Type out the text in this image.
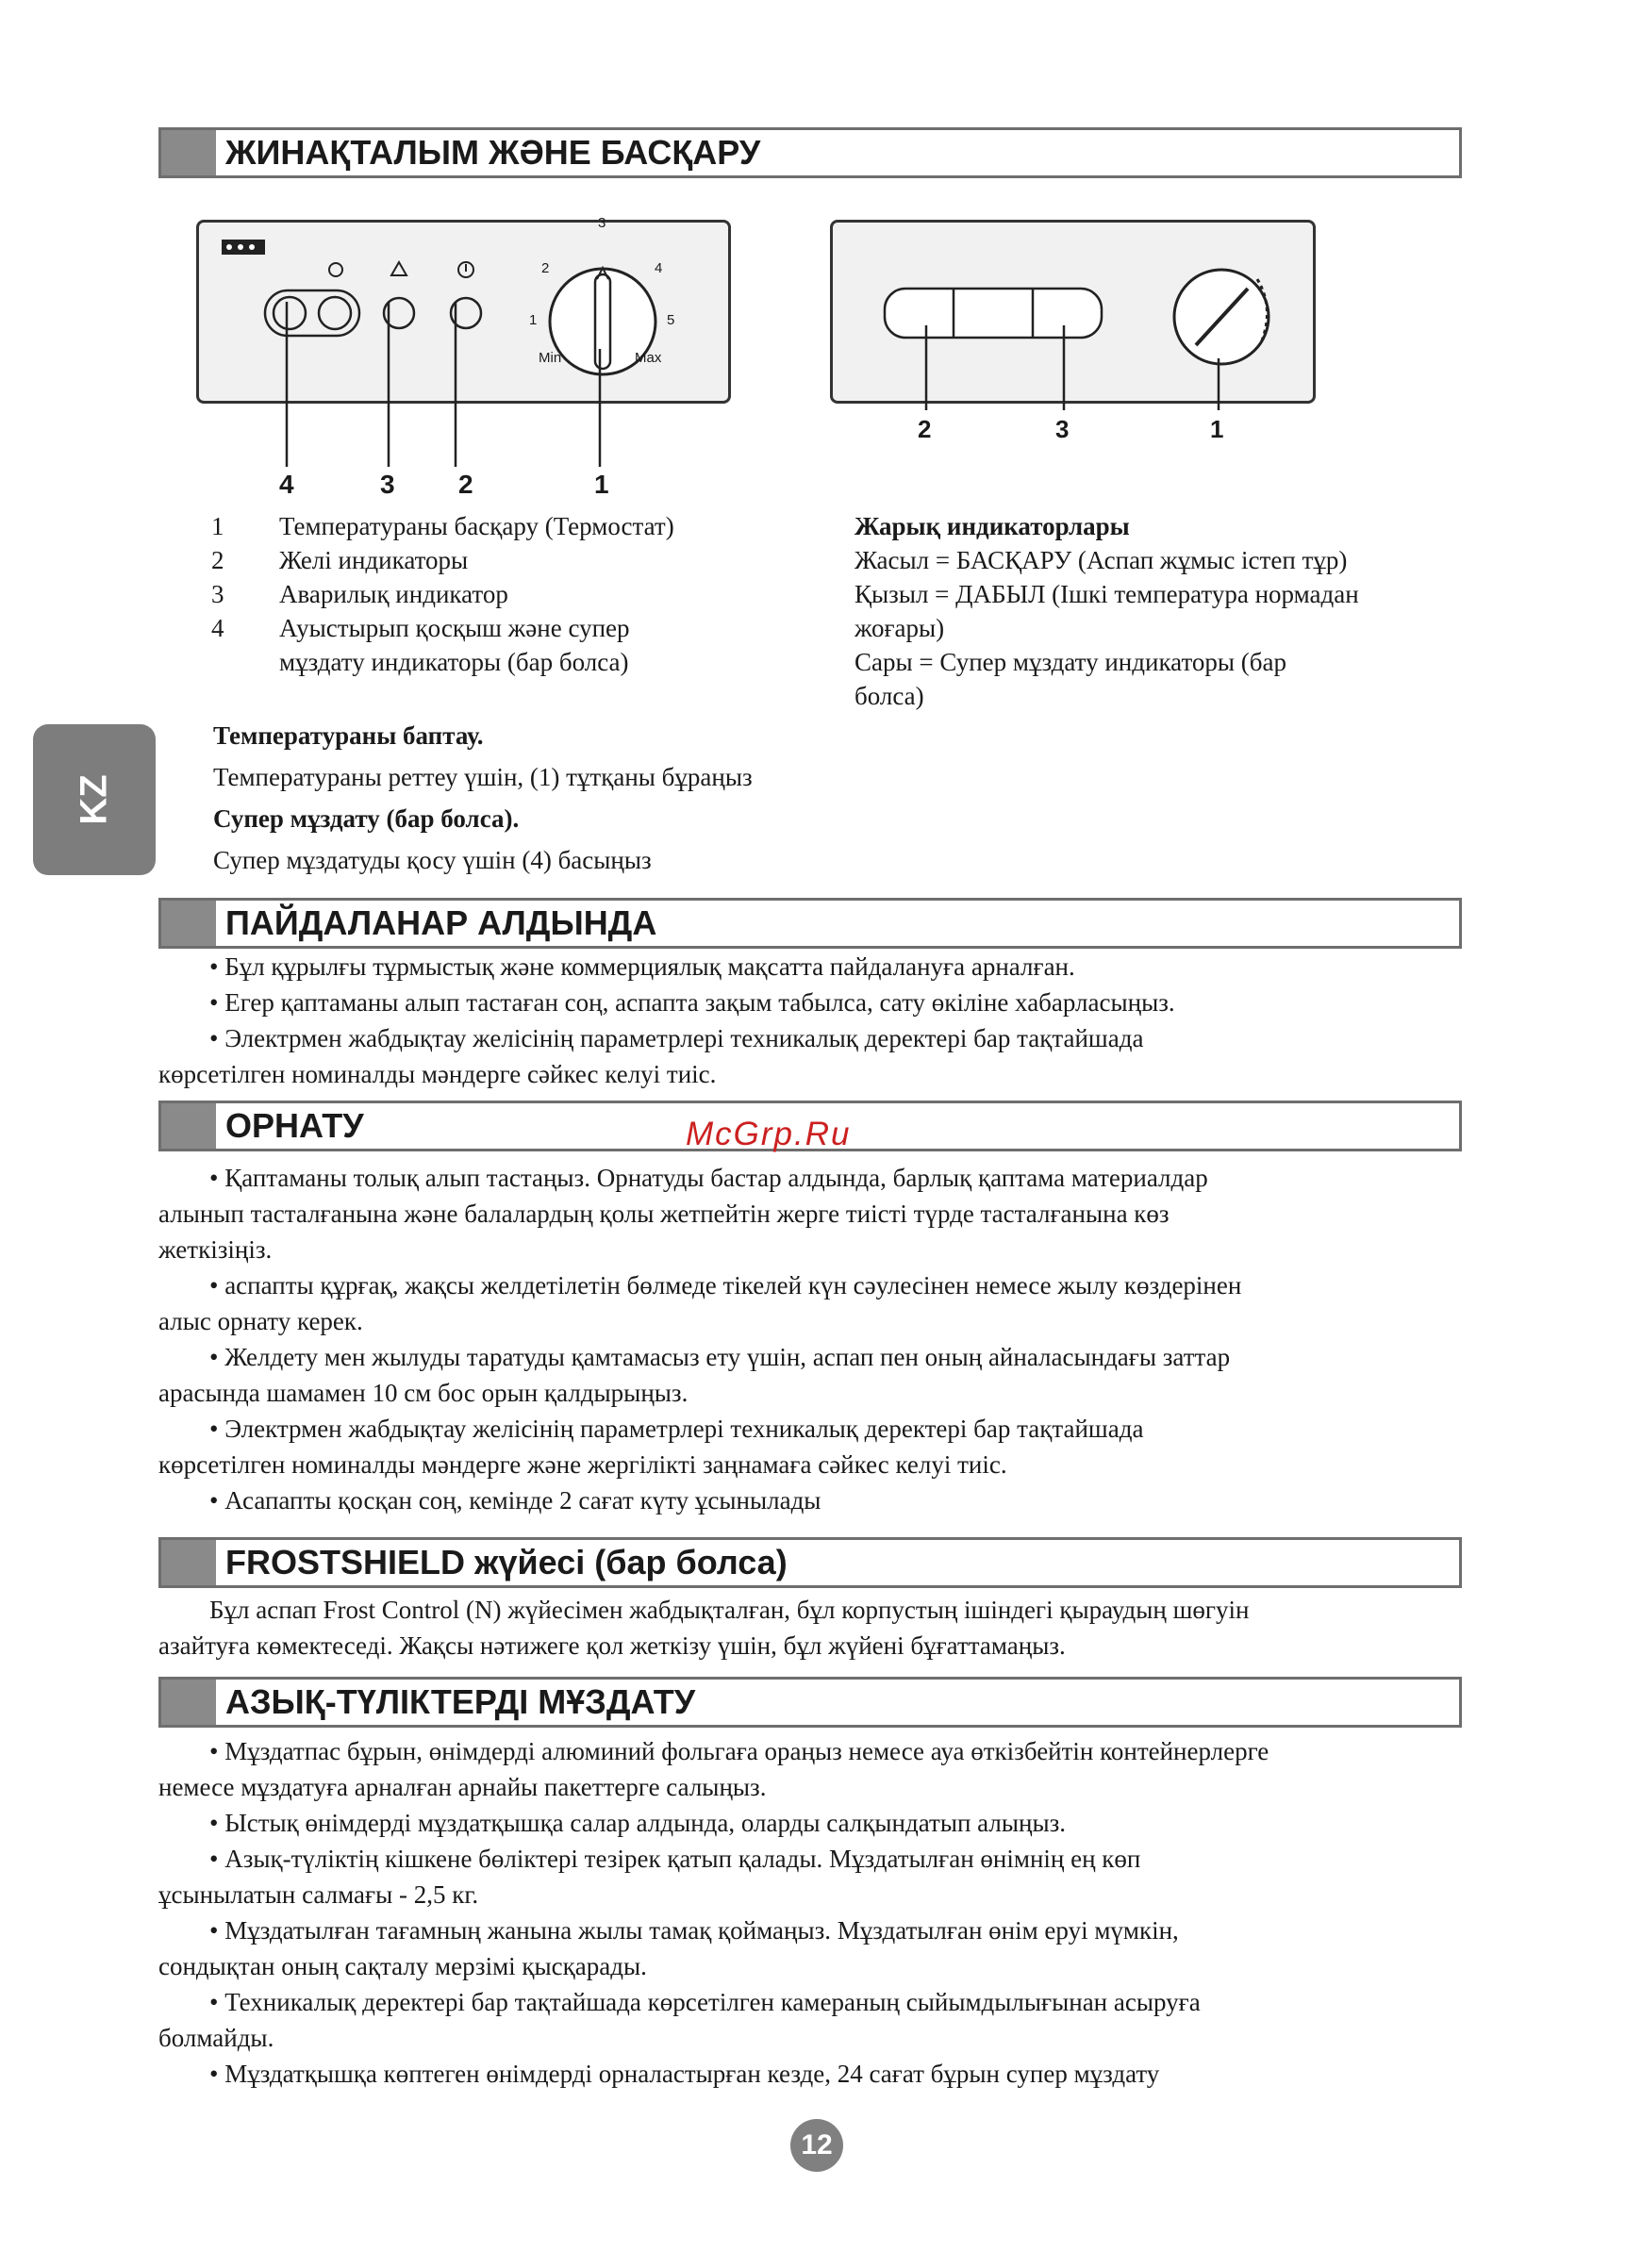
KZ
ЖИНАҚТАЛЫМ ЖӘНЕ БАСҚАРУ
3
2	4
1	5
Min	Max
4	3 2	1
2	3	1
1 Температураны басқару (Термостат)
2 Желі индикаторы
3 Аварилық индикатор
4 Ауыстырып қосқыш және супер
мұздату индикаторы (бар болса)
Жарық индикаторлары
Жасыл = БАСҚАРУ (Аспап жұмыс істеп тұр)
Қызыл = ДАБЫЛ (Ішкі температура нормадан
жоғары)
Сары = Супер мұздату индикаторы (бар
болса)
Температураны баптау.
Температураны реттеу үшін, (1) тұтқаны бұраңыз
Супер мұздату (бар болса).
Супер мұздатуды қосу үшін (4) басыңыз
ПАЙДАЛАНАР АЛДЫНДА
• Бұл құрылғы тұрмыстық және коммерциялық мақсатта пайдалануға арналған.
• Егер қаптаманы алып тастаған соң, аспапта зақым табылса, сату өкіліне хабарласыңыз.
• Электрмен жабдықтау желісінің параметрлері техникалық деректері бар тақтайшада
көрсетілген номиналды мәндерге сәйкес келуі тиіс.
ОРНАТУ	McGrp.Ru
• Қаптаманы толық алып тастаңыз. Орнатуды бастар алдында, барлық қаптама материалдар
алынып тасталғанына және балалардың қолы жетпейтін жерге тиісті түрде тасталғанына көз
жеткізіңіз.
• аспапты құрғақ, жақсы желдетілетін бөлмеде тікелей күн сәулесінен немесе жылу көздерінен
алыс орнату керек.
• Желдету мен жылуды таратуды қамтамасыз ету үшін, аспап пен оның айналасындағы заттар
арасында шамамен 10 см бос орын қалдырыңыз.
• Электрмен жабдықтау желісінің параметрлері техникалық деректері бар тақтайшада
көрсетілген номиналды мәндерге және жергілікті заңнамаға сәйкес келуі тиіс.
• Асапапты қосқан соң, кемінде 2 сағат күту ұсынылады
FROSTSHIELD жүйесі (бар болса)
Бұл аспап Frost Control (N) жүйесімен жабдықталған, бұл корпустың ішіндегі қыраудың шөгуін
азайтуға көмектеседі. Жақсы нәтижеге қол жеткізу үшін, бұл жүйені бұғаттамаңыз.
АЗЫҚ-ТҮЛІКТЕРДІ МҰЗДАТУ
• Мұздатпас бұрын, өнімдерді алюминий фольгаға ораңыз немесе ауа өткізбейтін контейнерлерге
немесе мұздатуға арналған арнайы пакеттерге салыңыз.
• Ыстық өнімдерді мұздатқышқа салар алдында, оларды салқындатып алыңыз.
• Азық-түліктің кішкене бөліктері тезірек қатып қалады. Мұздатылған өнімнің ең көп
ұсынылатын салмағы - 2,5 кг.
• Мұздатылған тағамның жанына жылы тамақ қоймаңыз. Мұздатылған өнім еруі мүмкін,
сондықтан оның сақталу мерзімі қысқарады.
• Техникалық деректері бар тақтайшада көрсетілген камераның сыйымдылығынан асыруға
болмайды.
• Мұздатқышқа көптеген өнімдерді орналастырған кезде, 24 сағат бұрын супер мұздату
12
